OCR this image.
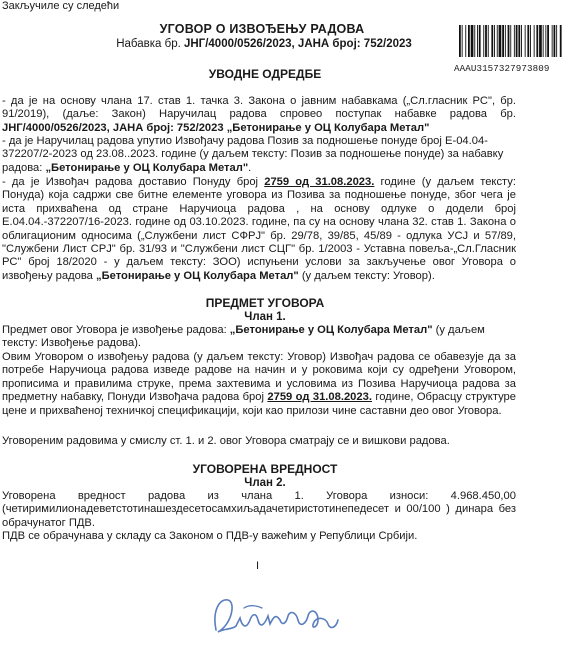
Закључиле су следећи
УГОВОР О ИЗВОЂЕЊУ РАДОВА
Набавка бр. ЈНГ/4000/0526/2023, ЈАНА број: 752/2023
AAAU3157327973809
УВОДНЕ ОДРЕДБЕ
- да је на основу члана 17. став 1. тачка 3. Закона о јавним набавкама („Сл.гласник РС", бр. 91/2019), (даље: Закон) Наручилац радова спровео поступак набавке радова бр. ЈНГ/4000/0526/2023, ЈАНА број: 752/2023 „Бетонирање у ОЦ Колубара Метал"
- да је Наручилац радова упутио Извођачу радова Позив за подношење понуде број Е-04.04-372207/2-2023 од 23.08..2023. године (у даљем тексту: Позив за подношење понуде) за набавку радова: „Бетонирање у ОЦ Колубара Метал".
- да је Извођач радова доставио Понуду број 2759 од 31.08.2023. године (у даљем тексту: Понуда) која садржи све битне елементе уговора из Позива за подношење понуде, због чега је иста прихваћена од стране Наручиоца радова , на основу одлуке о додели број Е.04.04.-372207/16-2023. године од 03.10.2023. године, па су на основу члана 32. став 1. Закона о облигационим односима („Службени лист СФРЈ" бр. 29/78, 39/85, 45/89 - одлука УСЈ и 57/89, "Службени Лист СРЈ" бр. 31/93 и "Службени лист СЦГ" бр. 1/2003 - Уставна повеља-„Сл.Гласник РС" број 18/2020 - у даљем тексту: ЗОО) испуњени услови за закључење овог Уговора о извођењу радова „Бетонирање у ОЦ Колубара Метал" (у даљем тексту: Уговор).
ПРЕДМЕТ УГОВОРА
Члан 1.
Предмет овог Уговора је извођење радова: „Бетонирање у ОЦ Колубара Метал" (у даљем тексту: Извођење радова).
Овим Уговором о извођењу радова (у даљем тексту: Уговор) Извођач радова се обавезује да за потребе Наручиоца радова изведе радове на начин и у роковима који су одређени Уговором, прописима и правилима струке, према захтевима и условима из Позива Наручиоца радова за предметну набавку, Понуди Извођача радова број 2759 од 31.08.2023. године, Обрасцу структуре цене и прихваћеној техничкој спецификацији, који као прилози чине саставни део овог Уговора.
Уговореним радовима у смислу ст. 1. и 2. овог Уговора сматрају се и вишкови радова.
УГОВОРЕНА ВРЕДНОСТ
Члан 2.
Уговорена вредност радова из члана 1. Уговора износи: 4.968.450,00 (четиримилионадеветстотинашездесетосамхиљадачетиристотинепедесет и 00/100 ) динара без обрачунатог ПДВ.
ПДВ се обрачунава у складу са Законом о ПДВ-у важећим у Републици Србији.
I
